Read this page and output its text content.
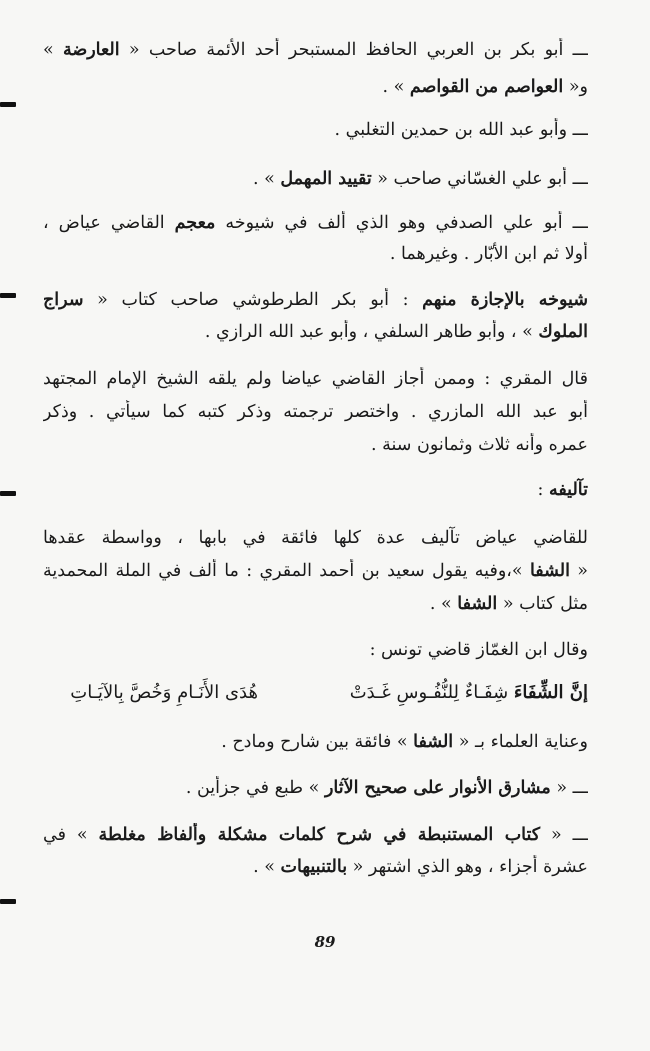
ـــ أبو بكر بن العربي الحافظ المستبحر أحد الأئمة صاحب « العارضة »
و« العواصم من القواصم » .
ـــ وأبو عبد الله بن حمدين التغلبي .
ـــ أبو علي الغسّاني صاحب « تقييد المهمل » .
ـــ أبو علي الصدفي وهو الذي أُلف في شيوخه معجم القاضي عياض ،
أولا ثم ابن الأبّار . وغيرهما .
شيوخه بالإجازة منهم : أبو بكر الطرطوشي صاحب كتاب « سراج
الملوك » ، وأبو طاهر السلفي ، وأبو عبد الله الرازي .
قال المقري : وممن أجاز القاضي عياضا ولم يلقه الشيخ الإمام المجتهد
أبو عبد الله المازري . واختصر ترجمته وذكر كتبه كما سيأتي . وذكر
عمره وأنه ثلاث وثمانون سنة .
تآليفه :
للقاضي عياض تآليف عدة كلها فائقة في بابها ، وواسطة عقدها
« الشفا »،وفيه يقول سعيد بن أحمد المقري : ما ألف في الملة المحمدية
مثل كتاب « الشفا » .
وقال ابن الغمّاز قاضي تونس :
إنَّ الشِّفَاءَ شِفَـاءٌ لِلنُّفُـوسِ غَـدَتْ
هُدَى الأَنَـامِ وَخُصَّ بِالآيَـاتِ
وعناية العلماء بـ « الشفا » فائقة بين شارح ومادح .
ـــ « مشارق الأنوار على صحيح الآثار » طبع في جزأين .
ـــ « كتاب المستنبطة في شرح كلمات مشكلة وألفاظ مغلطة » في
عشرة أجزاء ، وهو الذي اشتهر « بالتنبيهات » .
89
